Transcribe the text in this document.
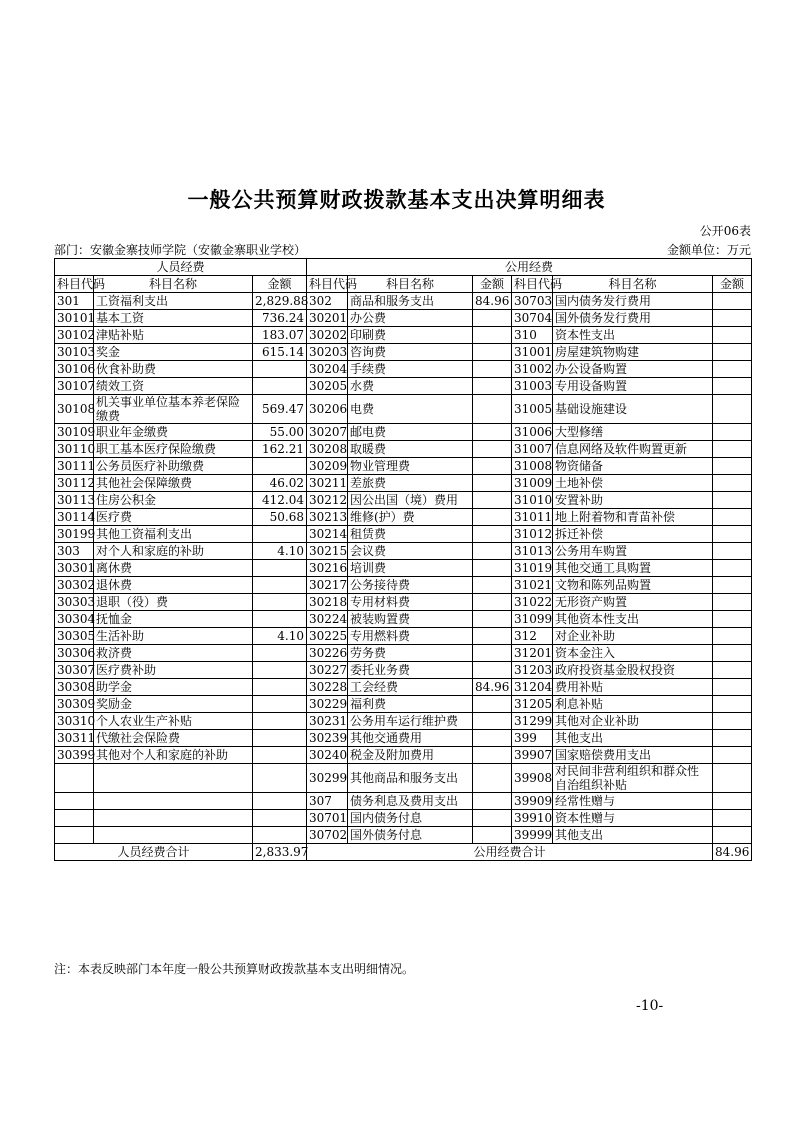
一般公共预算财政拨款基本支出决算明细表
公开06表
部门：安徽金寨技师学院（安徽金寨职业学校）	金额单位：万元
人员经费			公用经费					
科目代码	科目名称	金额	科目代码	科目名称	金额	科目代码	科目名称	金额
301	工资福利支出	2,829.88	302	商品和服务支出	84.96	30703	国内债务发行费用	
30101	基本工资	736.24	30201	办公费		30704	国外债务发行费用	
30102	津贴补贴	183.07	30202	印刷费		310	资本性支出	
30103	奖金	615.14	30203	咨询费		31001	房屋建筑物购建	
30106	伙食补助费		30204	手续费		31002	办公设备购置	
30107	绩效工资		30205	水费		31003	专用设备购置	
30108	机关事业单位基本养老保险缴费	569.47	30206	电费		31005	基础设施建设	
30109	职业年金缴费	55.00	30207	邮电费		31006	大型修缮	
30110	职工基本医疗保险缴费	162.21	30208	取暖费		31007	信息网络及软件购置更新	
30111	公务员医疗补助缴费		30209	物业管理费		31008	物资储备	
30112	其他社会保障缴费	46.02	30211	差旅费		31009	土地补偿	
30113	住房公积金	412.04	30212	因公出国（境）费用		31010	安置补助	
30114	医疗费	50.68	30213	维修(护）费		31011	地上附着物和青苗补偿	
30199	其他工资福利支出		30214	租赁费		31012	拆迁补偿	
303	对个人和家庭的补助	4.10	30215	会议费		31013	公务用车购置	
30301	离休费		30216	培训费		31019	其他交通工具购置	
30302	退休费		30217	公务接待费		31021	文物和陈列品购置	
30303	退职（役）费		30218	专用材料费		31022	无形资产购置	
30304	抚恤金		30224	被装购置费		31099	其他资本性支出	
30305	生活补助	4.10	30225	专用燃料费		312	对企业补助	
30306	救济费		30226	劳务费		31201	资本金注入	
30307	医疗费补助		30227	委托业务费		31203	政府投资基金股权投资	
30308	助学金		30228	工会经费	84.96	31204	费用补贴	
30309	奖励金		30229	福利费		31205	利息补贴	
30310	个人农业生产补贴		30231	公务用车运行维护费		31299	其他对企业补助	
30311	代缴社会保险费		30239	其他交通费用		399	其他支出	
30399	其他对个人和家庭的补助		30240	税金及附加费用		39907	国家赔偿费用支出	
			30299	其他商品和服务支出		39908	对民间非营利组织和群众性自治组织补贴	
			307	债务利息及费用支出		39909	经常性赠与	
			30701	国内债务付息		39910	资本性赠与	
			30702	国外债务付息		39999	其他支出	
人员经费合计		2,833.97	公用经费合计					84.96
注：本表反映部门本年度一般公共预算财政拨款基本支出明细情况。
-10-
